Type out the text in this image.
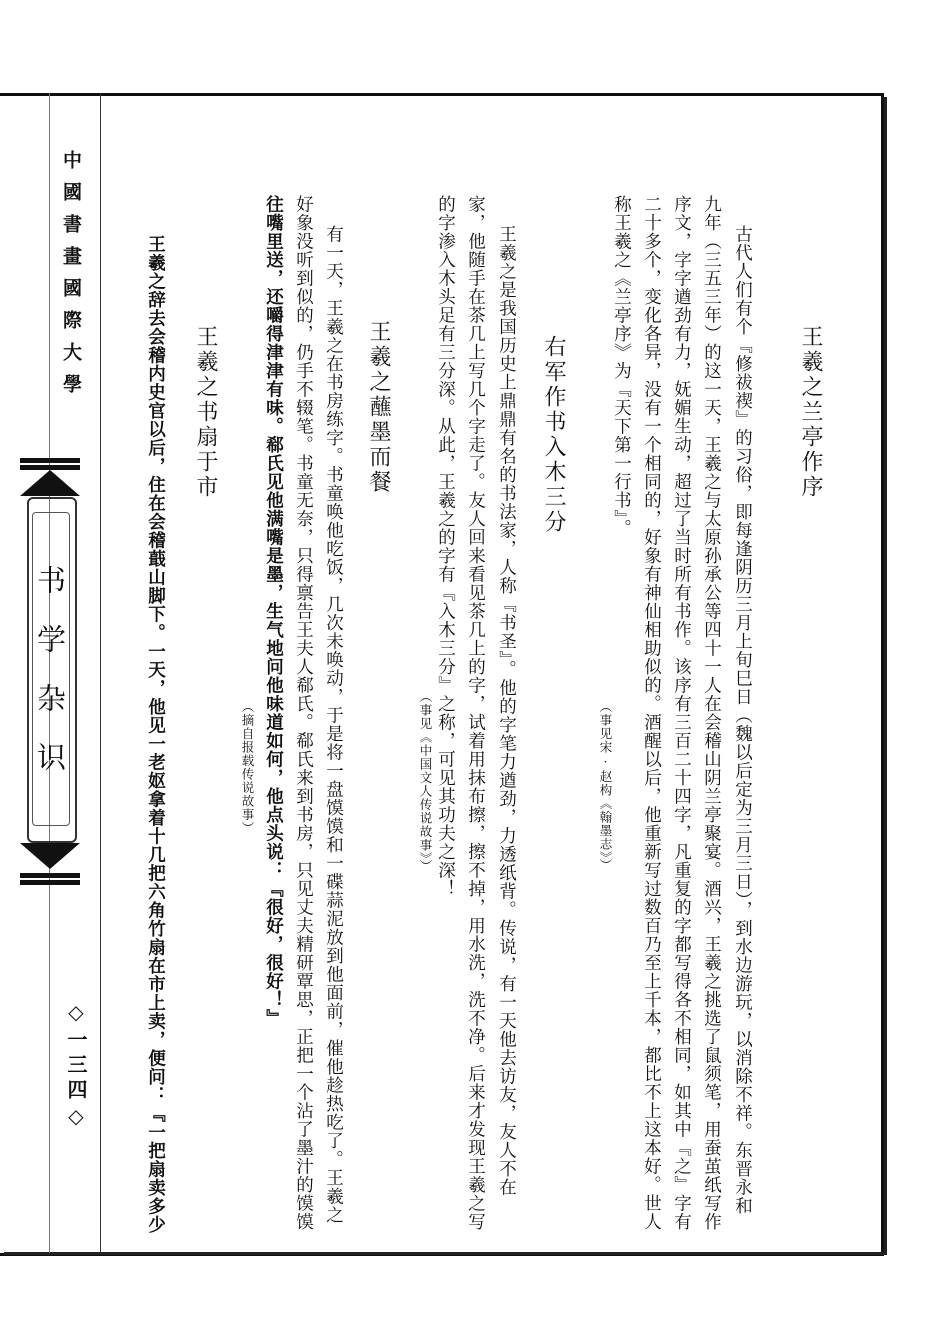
中國書畫國際大學
书学杂识
◇一三四◇
王羲之兰亭作序
古代人们有个『修祓禊』的习俗，即每逢阴历三月上旬巳日（魏以后定为三月三日），到水边游玩，以消除不祥。东晋永和
九年（三五三年）的这一天，王羲之与太原孙承公等四十一人在会稽山阴兰亭聚宴。酒兴，王羲之挑选了鼠须笔，用蚕茧纸写作
序文，字字遒劲有力，妩媚生动，超过了当时所有书作。该序有三百二十四字，凡重复的字都写得各不相同，如其中『之』字有
二十多个，变化各异，没有一个相同的，好象有神仙相助似的。酒醒以后，他重新写过数百乃至上千本，都比不上这本好。世人
称王羲之《兰亭序》为『天下第一行书』。
（事见宋·赵构《翰墨志》）
右军作书入木三分
王羲之是我国历史上鼎鼎有名的书法家，人称『书圣』。他的字笔力遒劲，力透纸背。传说，有一天他去访友，友人不在
家，他随手在茶几上写几个字走了。友人回来看见茶几上的字，试着用抹布擦，擦不掉，用水洗，洗不净。后来才发现王羲之写
的字渗入木头足有三分深。从此，王羲之的字有『入木三分』之称，可见其功夫之深！
（事见《中国文人传说故事》）
王羲之蘸墨而餐
有一天，王羲之在书房练字。书童唤他吃饭，几次未唤动，于是将一盘馍馍和一碟蒜泥放到他面前，催他趁热吃了。王羲之
好象没听到似的，仍手不辍笔。书童无奈，只得禀告王夫人郗氏。郗氏来到书房，只见丈夫精研覃思，正把一个沾了墨汁的馍馍
往嘴里送，还嚼得津津有味。郗氏见他满嘴是墨，生气地问他味道如何，他点头说：『很好，很好！』
（摘自报载传说故事）
王羲之书扇于市
王羲之辞去会稽内史官以后，住在会稽蕺山脚下。一天，他见一老妪拿着十几把六角竹扇在市上卖，便问：『一把扇卖多少
